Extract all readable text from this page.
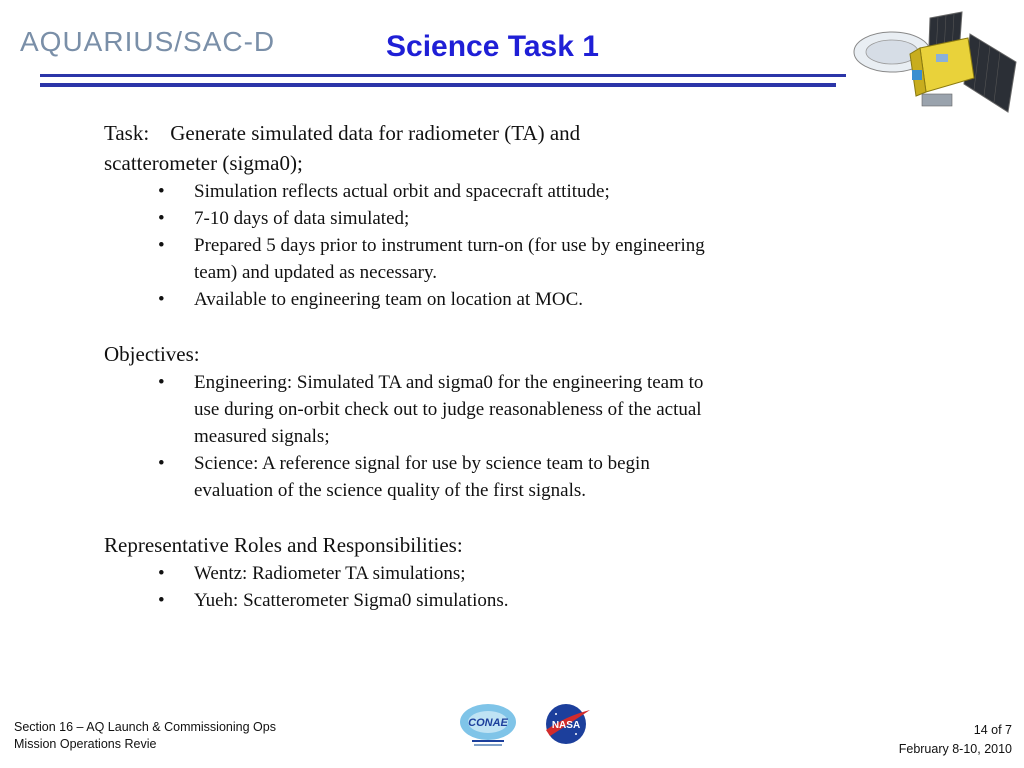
AQUARIUS/SAC-D	Science Task 1
Task: Generate simulated data for radiometer (TA) and
scatterometer (sigma0);
• Simulation reflects actual orbit and spacecraft attitude;
• 7-10 days of data simulated;
• Prepared 5 days prior to instrument turn-on (for use by engineering
team) and updated as necessary.
• Available to engineering team on location at MOC.
Objectives:
• Engineering: Simulated TA and sigma0 for the engineering team to
use during on-orbit check out to judge reasonableness of the actual
measured signals;
• Science: A reference signal for use by science team to begin
evaluation of the science quality of the first signals.
Representative Roles and Responsibilities:
• Wentz: Radiometer TA simulations;
• Yueh: Scatterometer Sigma0 simulations.
Section 16 – AQ Launch & Commissioning Ops
Mission Operations Revie
CONAE	NASA	14 of 7
February 8-10, 2010
